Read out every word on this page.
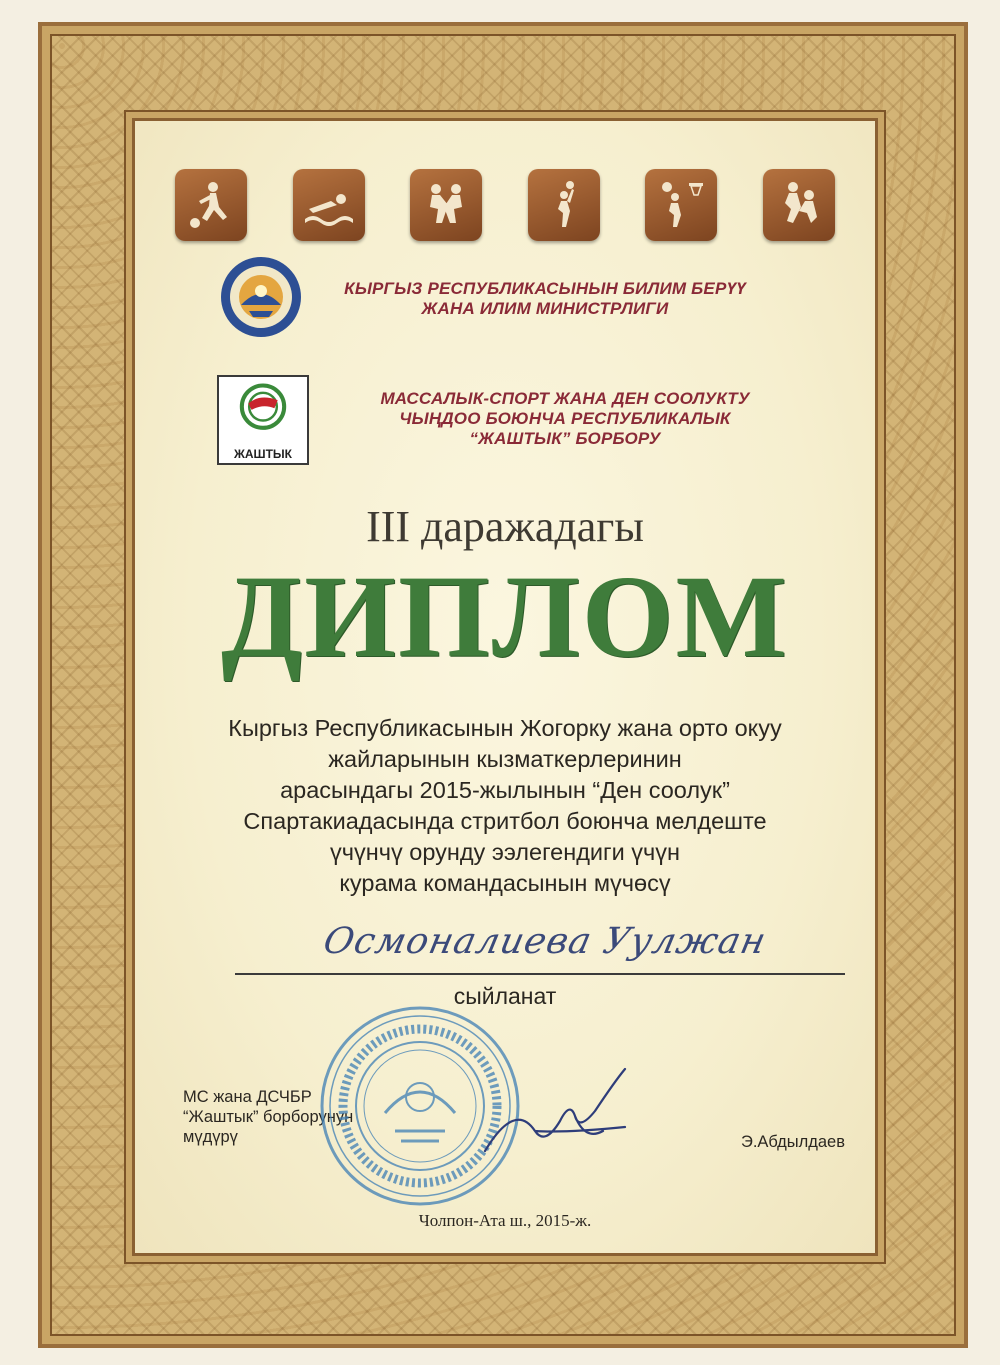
КЫРГЫЗ РЕСПУБЛИКАСЫНЫН БИЛИМ БЕРҮҮ
ЖАНА ИЛИМ МИНИСТРЛИГИ
ЖАШТЫК
МАССАЛЫК-СПОРТ ЖАНА ДЕН СООЛУКТУ
ЧЫҢДОО БОЮНЧА РЕСПУБЛИКАЛЫК
“ЖАШТЫК” БОРБОРУ
III даражадагы
ДИПЛОМ
Кыргыз Республикасынын Жогорку жана орто окуу
жайларынын кызматкерлеринин
арасындагы 2015-жылынын “Ден соолук”
Спартакиадасында стритбол боюнча мелдеште
үчүнчү орунду ээлегендиги үчүн
курама командасынын мүчөсү
Осмоналиева Уулжан
сыйланат
МС жана ДСЧБР
“Жаштык” борборунун
мүдүрү	Э.Абдылдаев
Чолпон-Ата ш., 2015-ж.
